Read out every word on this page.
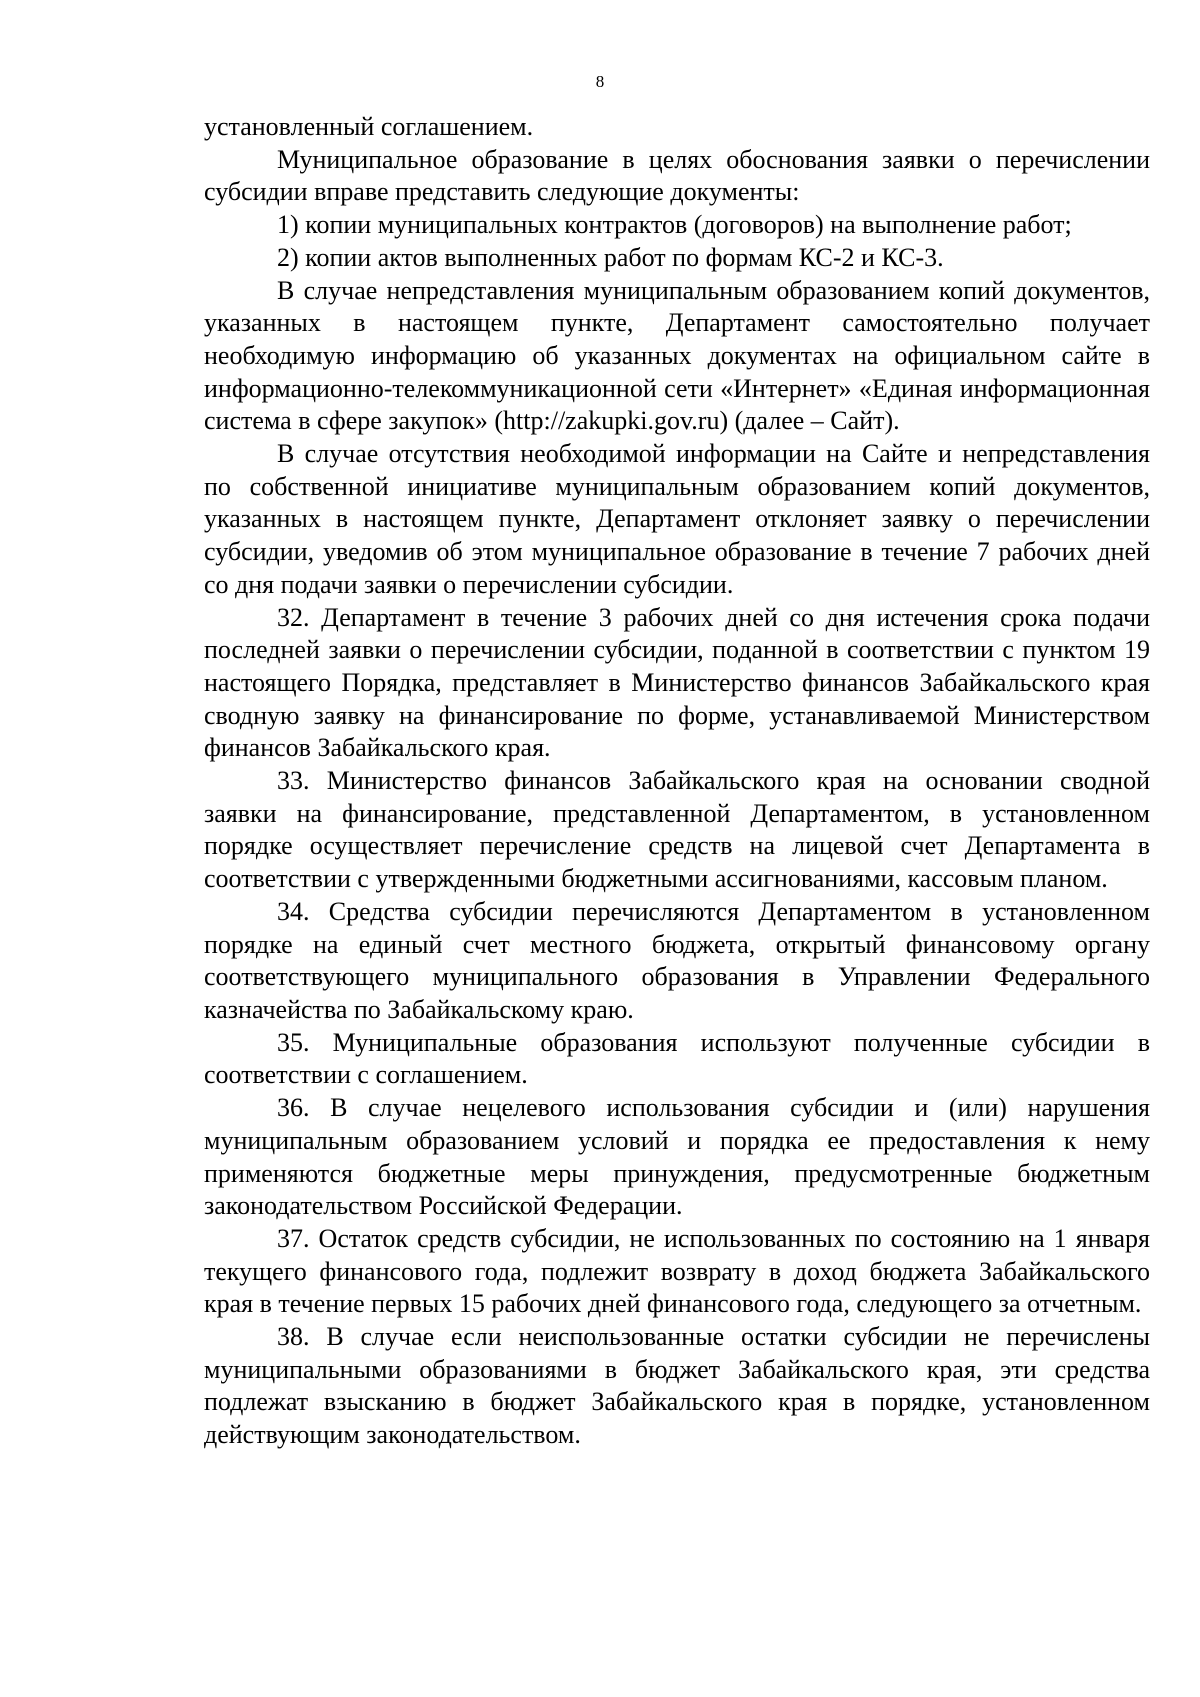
8

установленный соглашением.

Муниципальное образование в целях обоснования заявки о перечислении субсидии вправе представить следующие документы:

1) копии муниципальных контрактов (договоров) на выполнение работ;

2) копии актов выполненных работ по формам КС-2 и КС-3.

В случае непредставления муниципальным образованием копий документов, указанных в настоящем пункте, Департамент самостоятельно получает необходимую информацию об указанных документах на официальном сайте в информационно-телекоммуникационной сети «Интернет» «Единая информационная система в сфере закупок» (http://zakupki.gov.ru) (далее – Сайт).

В случае отсутствия необходимой информации на Сайте и непредставления по собственной инициативе муниципальным образованием копий документов, указанных в настоящем пункте, Департамент отклоняет заявку о перечислении субсидии, уведомив об этом муниципальное образование в течение 7 рабочих дней со дня подачи заявки о перечислении субсидии.

32. Департамент в течение 3 рабочих дней со дня истечения срока подачи последней заявки о перечислении субсидии, поданной в соответствии с пунктом 19 настоящего Порядка, представляет в Министерство финансов Забайкальского края сводную заявку на финансирование по форме, устанавливаемой Министерством финансов Забайкальского края.

33. Министерство финансов Забайкальского края на основании сводной заявки на финансирование, представленной Департаментом, в установленном порядке осуществляет перечисление средств на лицевой счет Департамента в соответствии с утвержденными бюджетными ассигнованиями, кассовым планом.

34. Средства субсидии перечисляются Департаментом в установленном порядке на единый счет местного бюджета, открытый финансовому органу соответствующего муниципального образования в Управлении Федерального казначейства по Забайкальскому краю.

35. Муниципальные образования используют полученные субсидии в соответствии с соглашением.

36. В случае нецелевого использования субсидии и (или) нарушения муниципальным образованием условий и порядка ее предоставления к нему применяются бюджетные меры принуждения, предусмотренные бюджетным законодательством Российской Федерации.

37. Остаток средств субсидии, не использованных по состоянию на 1 января текущего финансового года, подлежит возврату в доход бюджета Забайкальского края в течение первых 15 рабочих дней финансового года, следующего за отчетным.

38. В случае если неиспользованные остатки субсидии не перечислены муниципальными образованиями в бюджет Забайкальского края, эти средства подлежат взысканию в бюджет Забайкальского края в порядке, установленном действующим законодательством.
